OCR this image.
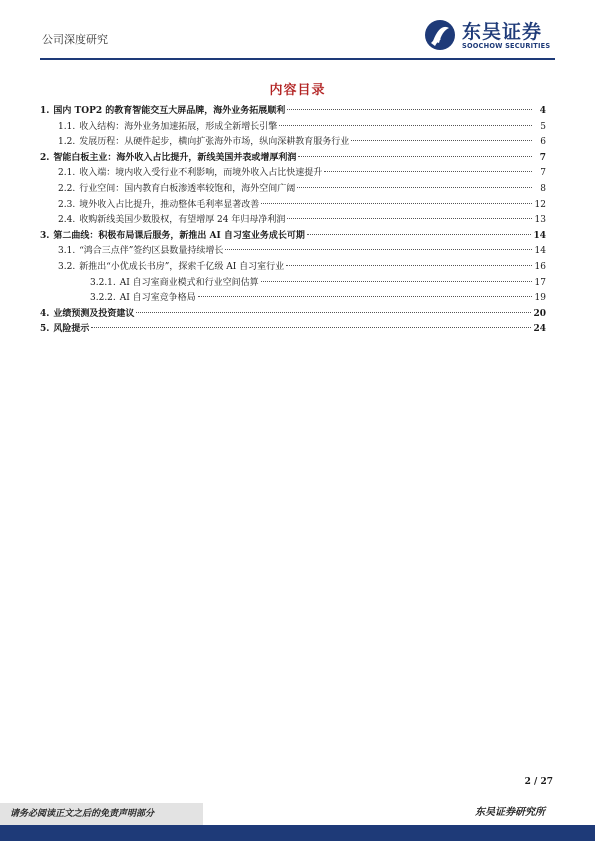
公司深度研究	东吴证券
SOOCHOW SECURITIES
内容目录
1. 国内 TOP2 的教育智能交互大屏品牌，海外业务拓展顺利	4
1.1. 收入结构：海外业务加速拓展，形成全新增长引擎	5
1.2. 发展历程：从硬件起步，横向扩张海外市场，纵向深耕教育服务行业	6
2. 智能白板主业：海外收入占比提升，新线美国并表或增厚利润	7
2.1. 收入端：境内收入受行业不利影响，而境外收入占比快速提升	7
2.2. 行业空间：国内教育白板渗透率较饱和，海外空间广阔	8
2.3. 境外收入占比提升，推动整体毛利率显著改善	12
2.4. 收购新线美国少数股权，有望增厚 24 年归母净利润	13
3. 第二曲线：积极布局课后服务，新推出 AI 自习室业务成长可期	14
3.1. “鸿合三点伴”签约区县数量持续增长	14
3.2. 新推出“小优成长书房”，探索千亿级 AI 自习室行业	16
3.2.1. AI 自习室商业模式和行业空间估算	17
3.2.2. AI 自习室竞争格局	19
4. 业绩预测及投资建议	20
5. 风险提示	24
2 / 27
请务必阅读正文之后的免责声明部分	东吴证券研究所
